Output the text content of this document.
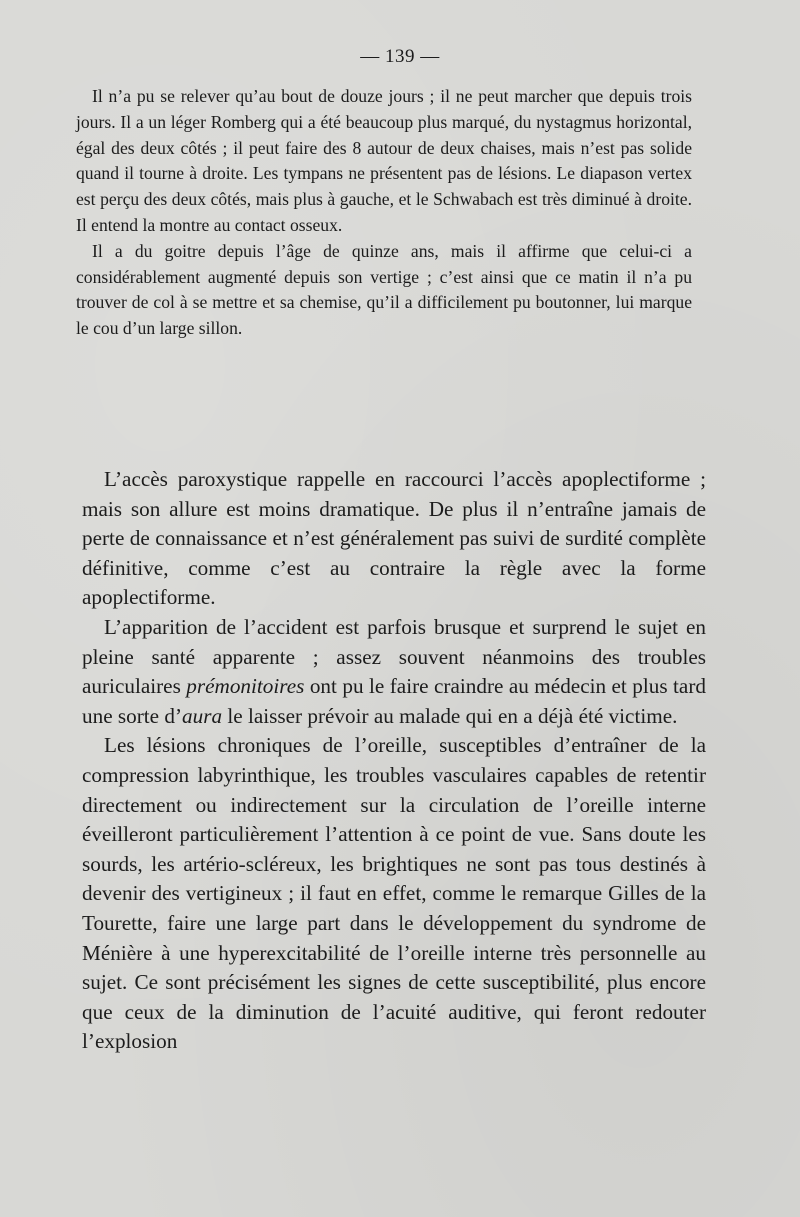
— 139 —

Il n’a pu se relever qu’au bout de douze jours ; il ne peut marcher que depuis trois jours. Il a un léger Romberg qui a été beaucoup plus marqué, du nystagmus horizontal, égal des deux côtés ; il peut faire des 8 autour de deux chaises, mais n’est pas solide quand il tourne à droite. Les tympans ne présentent pas de lésions. Le diapason vertex est perçu des deux côtés, mais plus à gauche, et le Schwabach est très diminué à droite. Il entend la montre au contact osseux.

Il a du goitre depuis l’âge de quinze ans, mais il affirme que celui-ci a considérablement augmenté depuis son vertige ; c’est ainsi que ce matin il n’a pu trouver de col à se mettre et sa chemise, qu’il a difficilement pu boutonner, lui marque le cou d’un large sillon.

L’accès paroxystique rappelle en raccourci l’accès apoplectiforme ; mais son allure est moins dramatique. De plus il n’entraîne jamais de perte de connaissance et n’est généralement pas suivi de surdité complète définitive, comme c’est au contraire la règle avec la forme apoplectiforme.

L’apparition de l’accident est parfois brusque et surprend le sujet en pleine santé apparente ; assez souvent néanmoins des troubles auriculaires prémonitoires ont pu le faire craindre au médecin et plus tard une sorte d’aura le laisser prévoir au malade qui en a déjà été victime.

Les lésions chroniques de l’oreille, susceptibles d’entraîner de la compression labyrinthique, les troubles vasculaires capables de retentir directement ou indirectement sur la circulation de l’oreille interne éveilleront particulièrement l’attention à ce point de vue. Sans doute les sourds, les artério-scléreux, les brightiques ne sont pas tous destinés à devenir des vertigineux ; il faut en effet, comme le remarque Gilles de la Tourette, faire une large part dans le développement du syndrome de Ménière à une hyperexcitabilité de l’oreille interne très personnelle au sujet. Ce sont précisément les signes de cette susceptibilité, plus encore que ceux de la diminution de l’acuité auditive, qui feront redouter l’explosion
